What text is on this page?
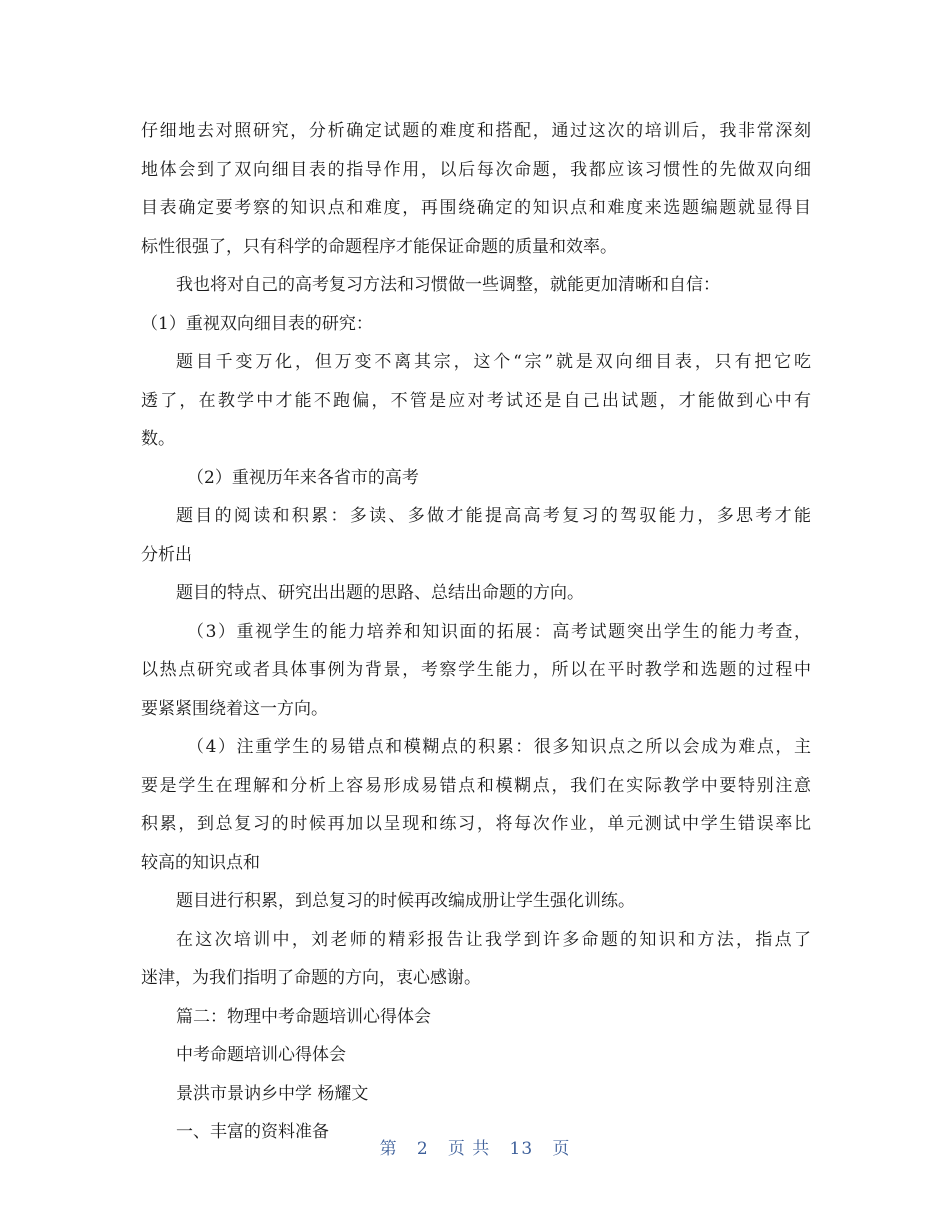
仔细地去对照研究，分析确定试题的难度和搭配，通过这次的培训后，我非常深刻
地体会到了双向细目表的指导作用，以后每次命题，我都应该习惯性的先做双向细
目表确定要考察的知识点和难度，再围绕确定的知识点和难度来选题编题就显得目
标性很强了，只有科学的命题程序才能保证命题的质量和效率。
我也将对自己的高考复习方法和习惯做一些调整，就能更加清晰和自信：
（1）重视双向细目表的研究：
题目千变万化，但万变不离其宗，这个“宗”就是双向细目表，只有把它吃
透了，在教学中才能不跑偏，不管是应对考试还是自己出试题，才能做到心中有
数。
（2）重视历年来各省市的高考
题目的阅读和积累：多读、多做才能提高高考复习的驾驭能力，多思考才能
分析出
题目的特点、研究出出题的思路、总结出命题的方向。
（3）重视学生的能力培养和知识面的拓展：高考试题突出学生的能力考查，
以热点研究或者具体事例为背景，考察学生能力，所以在平时教学和选题的过程中
要紧紧围绕着这一方向。
（4）注重学生的易错点和模糊点的积累：很多知识点之所以会成为难点，主
要是学生在理解和分析上容易形成易错点和模糊点，我们在实际教学中要特别注意
积累，到总复习的时候再加以呈现和练习，将每次作业，单元测试中学生错误率比
较高的知识点和
题目进行积累，到总复习的时候再改编成册让学生强化训练。
在这次培训中，刘老师的精彩报告让我学到许多命题的知识和方法，指点了
迷津，为我们指明了命题的方向，衷心感谢。
篇二：物理中考命题培训心得体会
中考命题培训心得体会
景洪市景讷乡中学 杨耀文
一、丰富的资料准备
第 2 页 共 13 页
